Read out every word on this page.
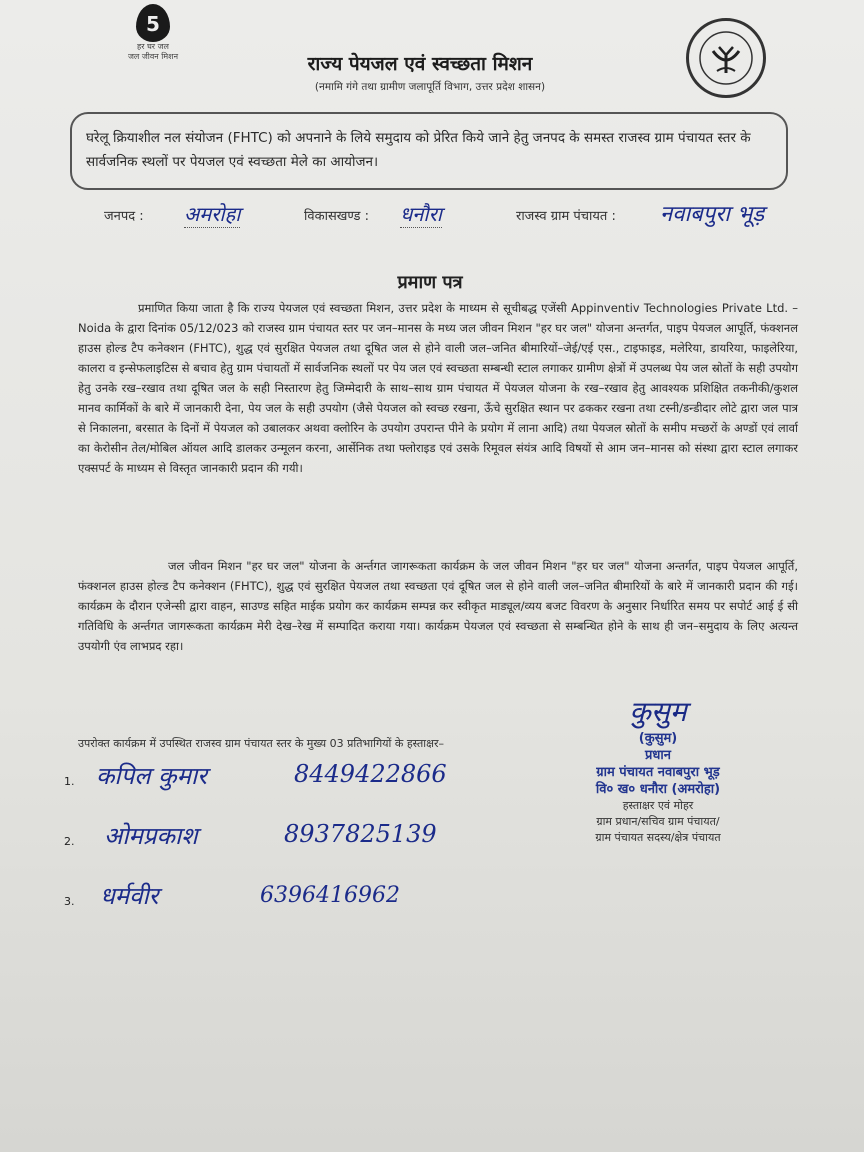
5
हर घर जल
जल जीवन मिशन	राज्य पेयजल एवं स्वच्छता मिशन
(नमामि गंगे तथा ग्रामीण जलापूर्ति विभाग, उत्तर प्रदेश शासन)
घरेलू क्रियाशील नल संयोजन (FHTC) को अपनाने के लिये समुदाय को प्रेरित किये जाने हेतु जनपद के समस्त राजस्व ग्राम पंचायत स्तर के सार्वजनिक स्थलों पर पेयजल एवं स्वच्छता मेले का आयोजन।
जनपद : अमरोहा	विकासखण्ड : धनौरा	राजस्व ग्राम पंचायत : नवाबपुरा भूड़
प्रमाण पत्र
प्रमाणित किया जाता है कि राज्य पेयजल एवं स्वच्छता मिशन, उत्तर प्रदेश के माध्यम से सूचीबद्ध एजेंसी Appinventiv Technologies Private Ltd. – Noida के द्वारा दिनांक 05/12/023 को राजस्व ग्राम पंचायत स्तर पर जन–मानस के मध्य जल जीवन मिशन "हर घर जल" योजना अन्तर्गत, पाइप पेयजल आपूर्ति, फंक्शनल हाउस होल्ड टैप कनेक्शन (FHTC), शुद्ध एवं सुरक्षित पेयजल तथा दूषित जल से होने वाली जल–जनित बीमारियों–जेई/एई एस., टाइफाइड, मलेरिया, डायरिया, फाइलेरिया, कालरा व इन्सेफलाइटिस से बचाव हेतु ग्राम पंचायतों में सार्वजनिक स्थलों पर पेय जल एवं स्वच्छता सम्बन्धी स्टाल लगाकर ग्रामीण क्षेत्रों में उपलब्ध पेय जल स्रोतों के सही उपयोग हेतु उनके रख–रखाव तथा दूषित जल के सही निस्तारण हेतु जिम्मेदारी के साथ–साथ ग्राम पंचायत में पेयजल योजना के रख–रखाव हेतु आवश्यक प्रशिक्षित तकनीकी/कुशल मानव कार्मिकों के बारे में जानकारी देना, पेय जल के सही उपयोग (जैसे पेयजल को स्वच्छ रखना, ऊँचे सुरक्षित स्थान पर ढककर रखना तथा टस्नी/डन्डीदार लोटे द्वारा जल पात्र से निकालना, बरसात के दिनों में पेयजल को उबालकर अथवा क्लोरिन के उपयोग उपरान्त पीने के प्रयोग में लाना आदि) तथा पेयजल स्रोतों के समीप मच्छरों के अण्डों एवं लार्वा का केरोसीन तेल/मोबिल ऑयल आदि डालकर उन्मूलन करना, आर्सेनिक तथा फ्लोराइड एवं उसके रिमूवल संयंत्र आदि विषयों से आम जन–मानस को संस्था द्वारा स्टाल लगाकर एक्सपर्ट के माध्यम से विस्तृत जानकारी प्रदान की गयी।
जल जीवन मिशन "हर घर जल" योजना के अर्न्तगत जागरूकता कार्यक्रम के जल जीवन मिशन "हर घर जल" योजना अन्तर्गत, पाइप पेयजल आपूर्ति, फंक्शनल हाउस होल्ड टैप कनेक्शन (FHTC), शुद्ध एवं सुरक्षित पेयजल तथा स्वच्छता एवं दूषित जल से होने वाली जल–जनित बीमारियों के बारे में जानकारी प्रदान की गई। कार्यक्रम के दौरान एजेन्सी द्वारा वाहन, साउण्ड सहित माईक प्रयोग कर कार्यक्रम सम्पन्न कर स्वीकृत माड्यूल/व्यय बजट विवरण के अनुसार निर्धारित समय पर सपोर्ट आई ई सी गतिविधि के अर्न्तगत जागरूकता कार्यक्रम मेरी देख–रेख में सम्पादित कराया गया। कार्यक्रम पेयजल एवं स्वच्छता से सम्बन्धित होने के साथ ही जन–समुदाय के लिए अत्यन्त उपयोगी एंव लाभप्रद रहा।
उपरोक्त कार्यक्रम में उपस्थित राजस्व ग्राम पंचायत स्तर के मुख्य 03 प्रतिभागियों के हस्ताक्षर–
1. कपिल कुमार	8449422866
2. ओमप्रकाश	8937825139
3. धर्मवीर	6396416962
कुसुम
(कुसुम)
प्रधान
ग्राम पंचायत नवाबपुरा भूड़
वि० ख० धनौरा (अमरोहा)
हस्ताक्षर एवं मोहर
ग्राम प्रधान/सचिव ग्राम पंचायत/
ग्राम पंचायत सदस्य/क्षेत्र पंचायत
